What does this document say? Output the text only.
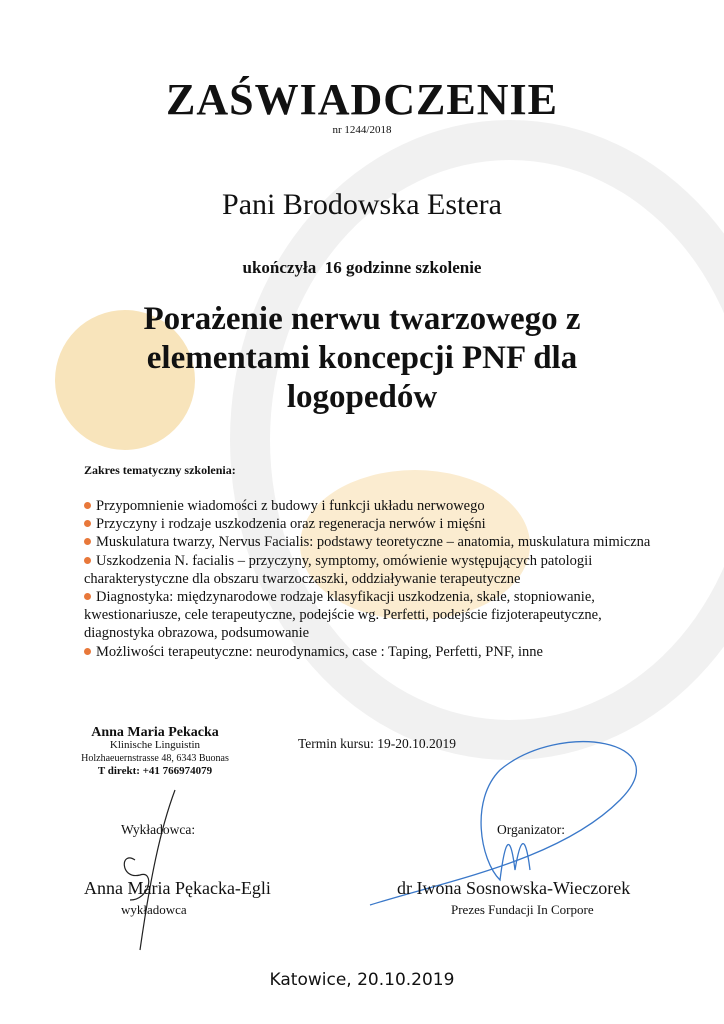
ZAŚWIADCZENIE
nr 1244/2018
Pani Brodowska Estera
ukończyła  16 godzinne szkolenie
Porażenie nerwu twarzowego z
elementami koncepcji PNF dla
logopedów
Zakres tematyczny szkolenia:
Przypomnienie wiadomości z budowy i funkcji układu nerwowego
Przyczyny i rodzaje uszkodzenia oraz regeneracja nerwów i mięśni
Muskulatura twarzy, Nervus Facialis: podstawy teoretyczne – anatomia, muskulatura mimiczna
Uszkodzenia N. facialis – przyczyny, symptomy, omówienie występujących patologii charakterystyczne dla obszaru twarzoczaszki, oddziaływanie terapeutyczne
Diagnostyka: międzynarodowe rodzaje klasyfikacji uszkodzenia, skale, stopniowanie, kwestionariusze, cele terapeutyczne, podejście wg. Perfetti, podejście fizjoterapeutyczne, diagnostyka obrazowa, podsumowanie
Możliwości terapeutyczne: neurodynamics, case : Taping, Perfetti, PNF, inne
Anna Maria Pekacka
Klinische Linguistin
Holzhaeuernstrasse 48, 6343 Buonas
T direkt: +41 766974079
Termin kursu: 19-20.10.2019
Wykładowca:
Anna Maria Pękacka-Egli
wykładowca
Organizator:
dr Iwona Sosnowska-Wieczorek
Prezes Fundacji In Corpore
Katowice, 20.10.2019
